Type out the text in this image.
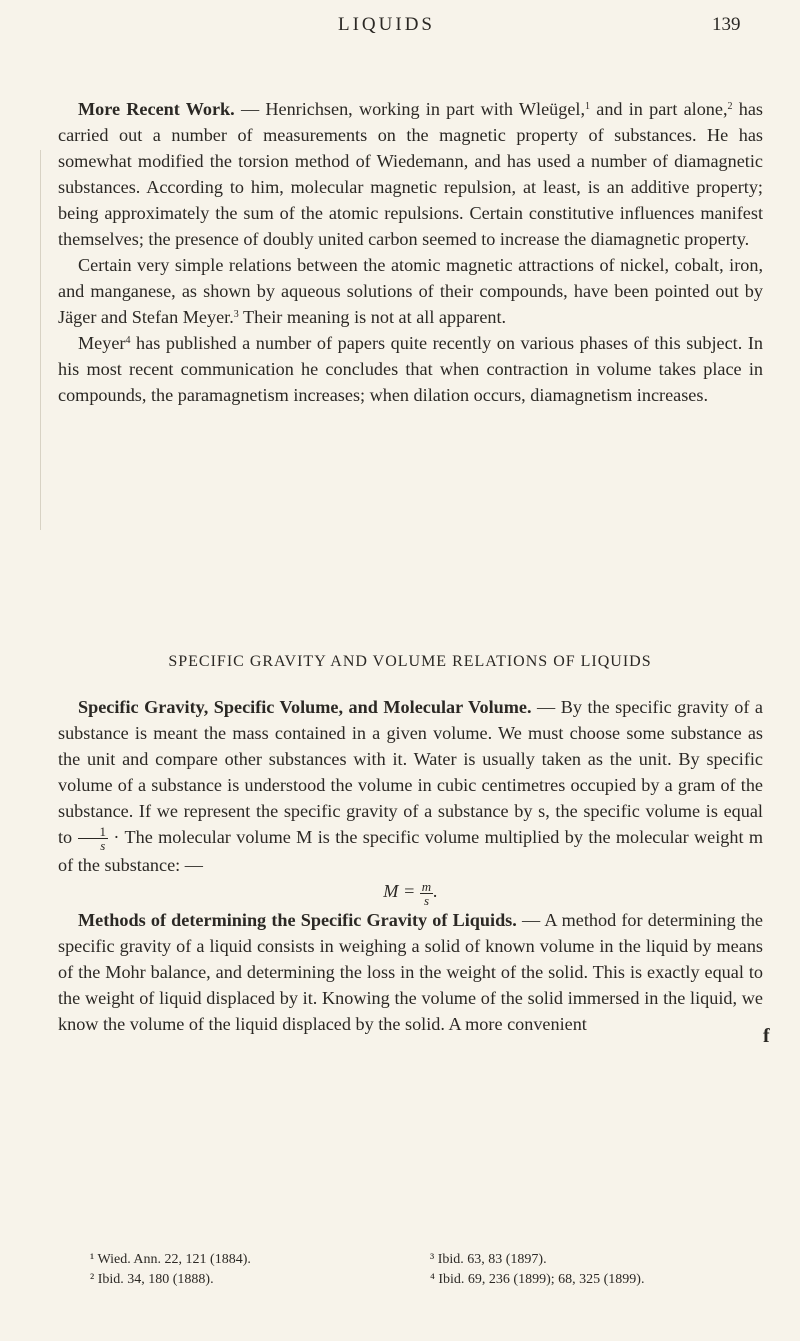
LIQUIDS	139

More Recent Work. — Henrichsen, working in part with Wleügel,$^1$ and in part alone,$^2$ has carried out a number of measurements on the magnetic property of substances. He has somewhat modified the torsion method of Wiedemann, and has used a number of diamagnetic substances. According to him, molecular magnetic repulsion, at least, is an additive property; being approximately the sum of the atomic repulsions. Certain constitutive influences manifest themselves; the presence of doubly united carbon seemed to increase the diamagnetic property.

Certain very simple relations between the atomic magnetic attractions of nickel, cobalt, iron, and manganese, as shown by aqueous solutions of their compounds, have been pointed out by Jäger and Stefan Meyer.$^3$ Their meaning is not at all apparent.

Meyer$^4$ has published a number of papers quite recently on various phases of this subject. In his most recent communication he concludes that when contraction in volume takes place in compounds, the paramagnetism increases; when dilation occurs, diamagnetism increases.

SPECIFIC GRAVITY AND VOLUME RELATIONS OF LIQUIDS

Specific Gravity, Specific Volume, and Molecular Volume. — By the specific gravity of a substance is meant the mass contained in a given volume. We must choose some substance as the unit and compare other substances with it. Water is usually taken as the unit. By specific volume of a substance is understood the volume in cubic centimetres occupied by a gram of the substance. If we represent the specific gravity of a substance by s, the specific volume is equal to $\frac{1}{s}$ · The molecular volume M is the specific volume multiplied by the molecular weight m of the substance: —

$M = \frac{m}{s}$ .

Methods of determining the Specific Gravity of Liquids. — A method for determining the specific gravity of a liquid consists in weighing a solid of known volume in the liquid by means of the Mohr balance, and determining the loss in the weight of the solid. This is exactly equal to the weight of liquid displaced by it. Knowing the volume of the solid immersed in the liquid, we know the volume of the liquid displaced by the solid. A more convenient

f
¹ Wied. Ann. 22, 121 (1884).	³ Ibid. 63, 83 (1897).
² Ibid. 34, 180 (1888).	⁴ Ibid. 69, 236 (1899); 68, 325 (1899).
